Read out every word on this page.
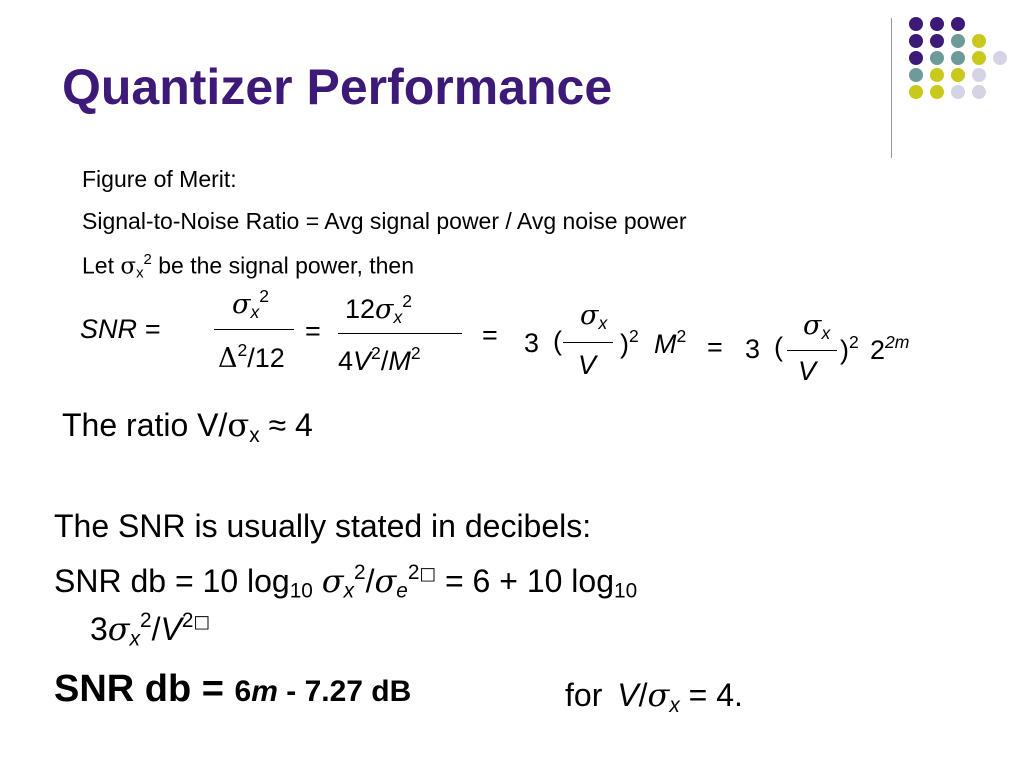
Quantizer Performance
Figure of Merit:
Signal-to-Noise Ratio = Avg signal power / Avg noise power
Let $\sigma_x^2$ be the signal power, then
SNR =
$\sigma_x^2$
$\Delta^2/12$
=
$12\sigma_x^2$
$4V^2/M^2$
= 3 (
$\sigma_x$
V
)$^2$ $M^2 = 3$ (
$\sigma_x$
V
)$^2$ $2^{2m}$
The ratio $V/\sigma_x \approx 4$
The SNR is usually stated in decibels:
SNR db = 10 $\log_{10} \sigma_x^2/\sigma_e^{2□} = 6 + 10$ $\log_{10}$
$3\sigma_x^2/V^{2□}$
SNR db = 6m - 7.27 dB	for $V/\sigma_x = 4$.
